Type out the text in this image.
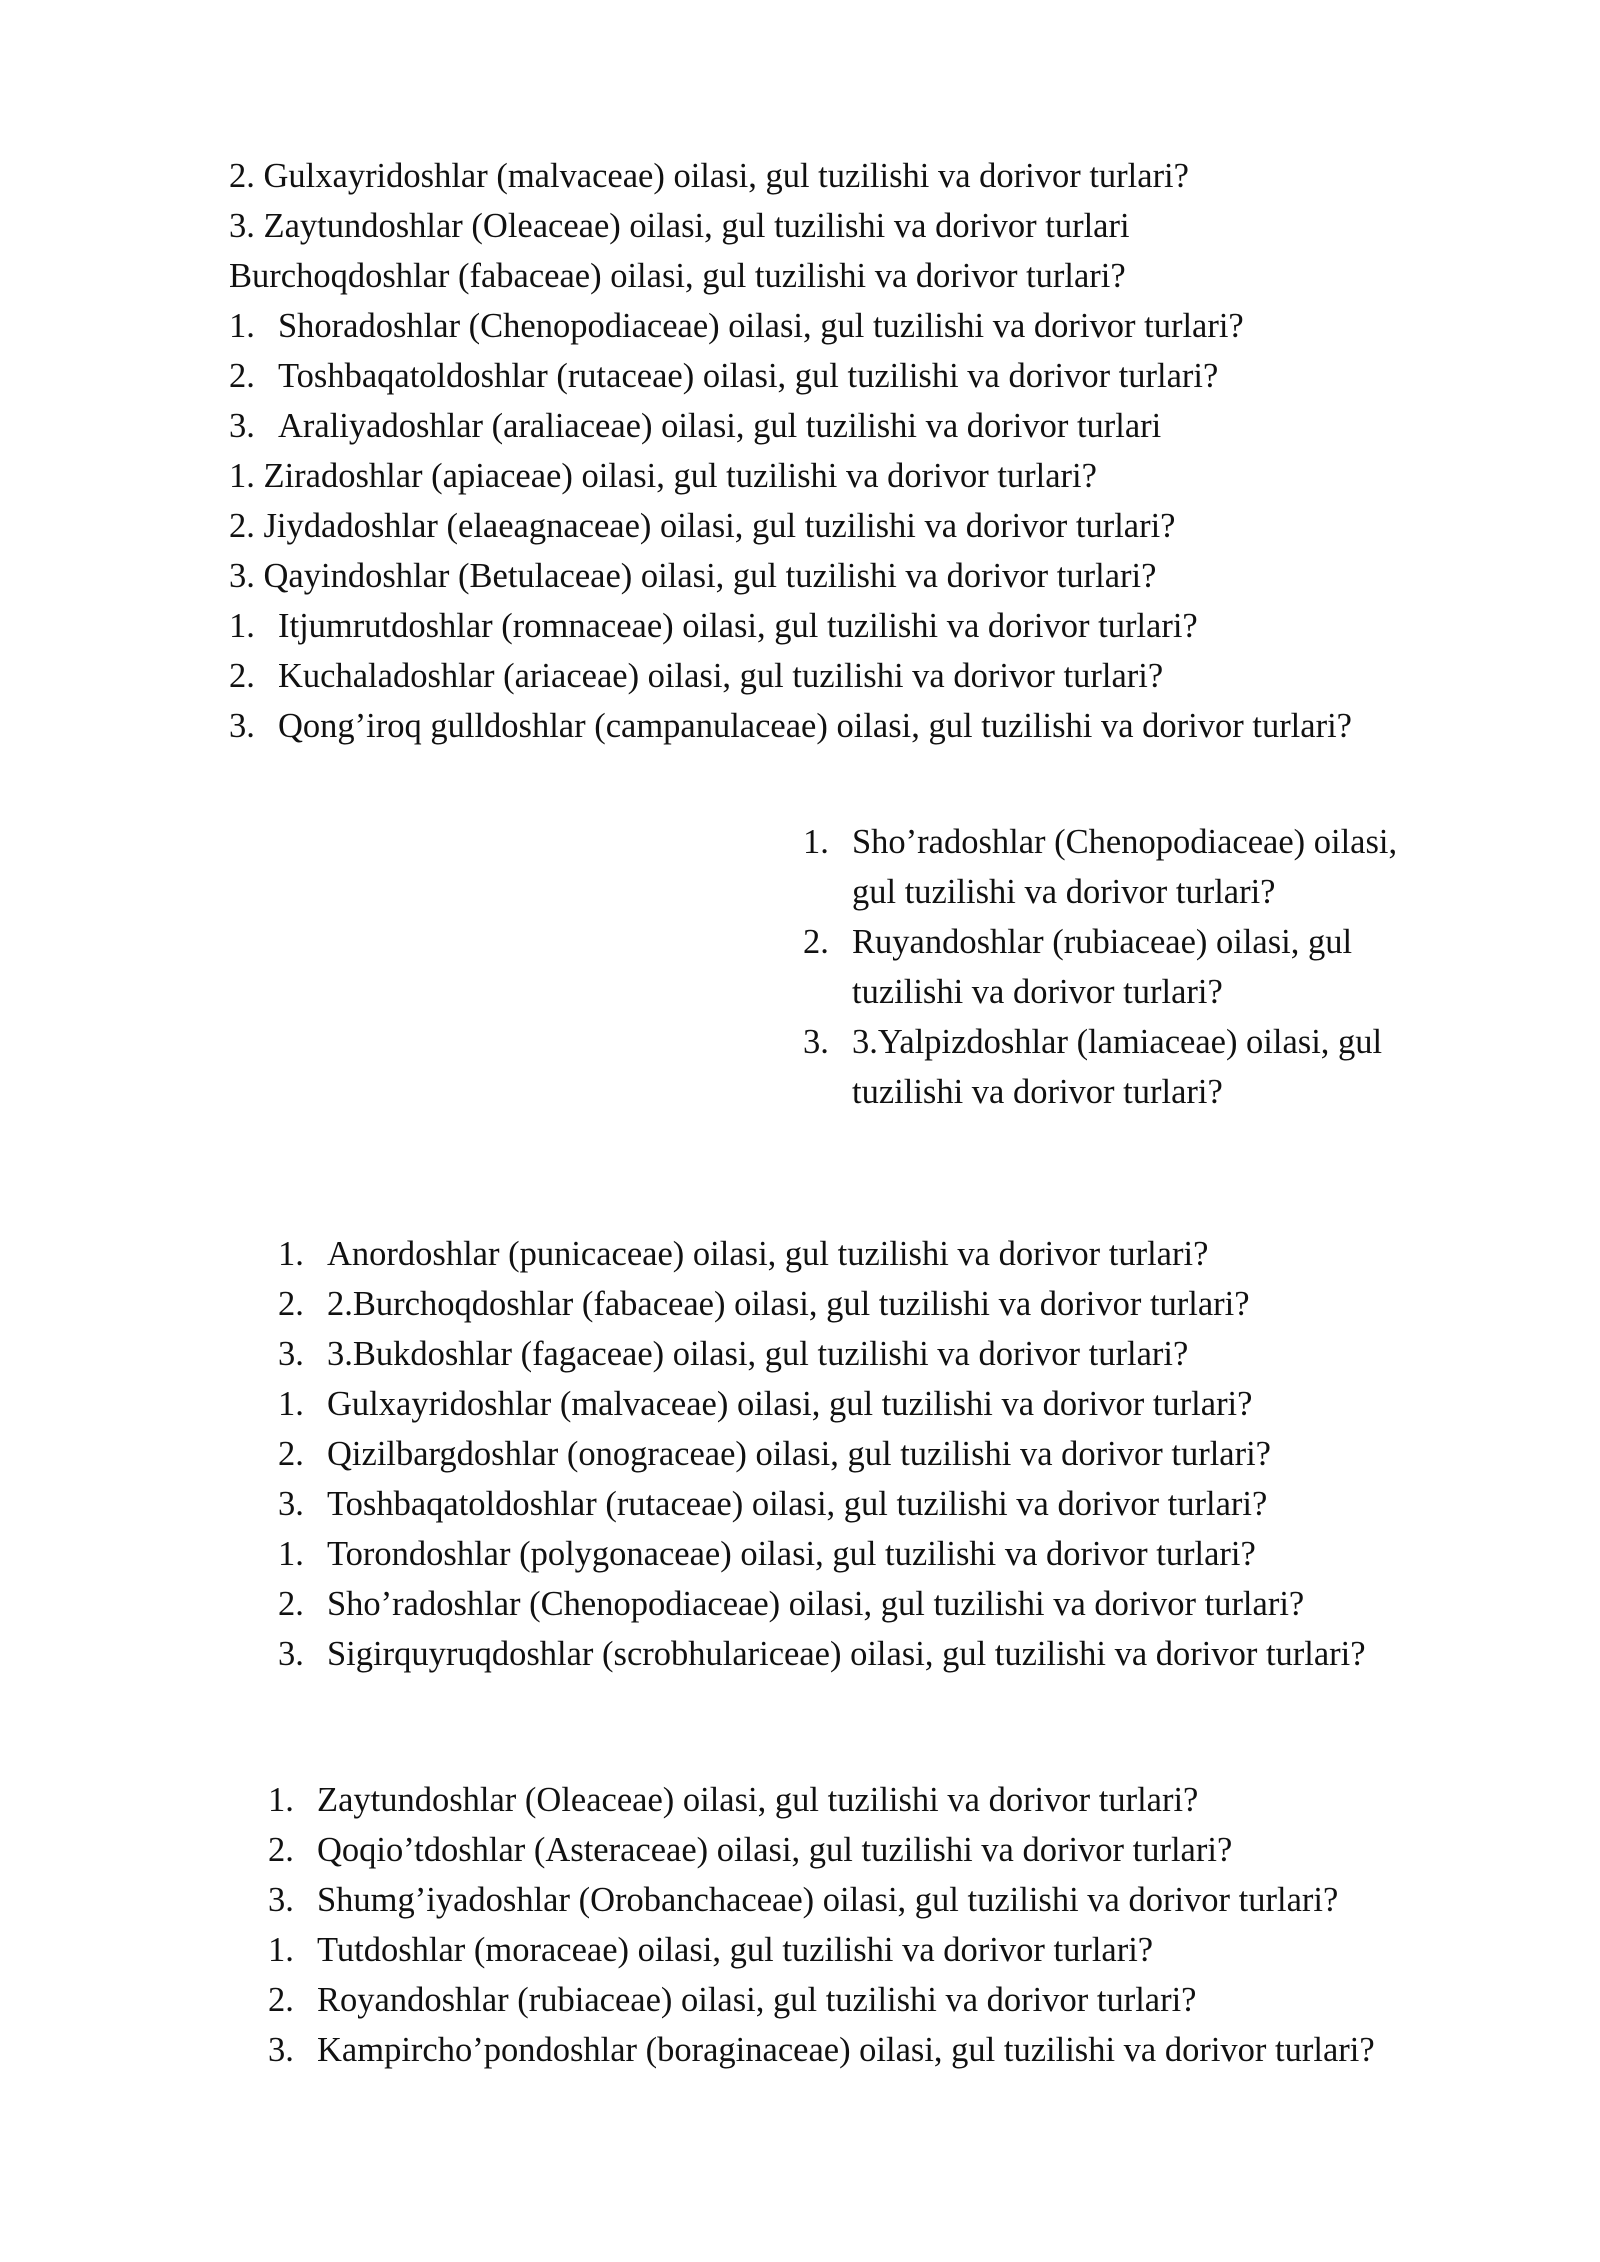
2. Gulxayridoshlar (malvaceae) oilasi, gul tuzilishi va dorivor turlari?
3. Zaytundoshlar (Oleaceae) oilasi, gul tuzilishi va dorivor turlari
Burchoqdoshlar (fabaceae) oilasi, gul tuzilishi va dorivor turlari?
1. Shoradoshlar (Chenopodiaceae) oilasi, gul tuzilishi va dorivor turlari?
2. Toshbaqatoldoshlar (rutaceae) oilasi, gul tuzilishi va dorivor turlari?
3. Araliyadoshlar (araliaceae) oilasi, gul tuzilishi va dorivor turlari
1. Ziradoshlar (apiaceae) oilasi, gul tuzilishi va dorivor turlari?
2. Jiydadoshlar (elaeagnaceae) oilasi, gul tuzilishi va dorivor turlari?
3. Qayindoshlar (Betulaceae) oilasi, gul tuzilishi va dorivor turlari?
1. Itjumrutdoshlar (romnaceae) oilasi, gul tuzilishi va dorivor turlari?
2. Kuchaladoshlar (ariaceae) oilasi, gul tuzilishi va dorivor turlari?
3. Qong’iroq gulldoshlar (campanulaceae) oilasi, gul tuzilishi va dorivor turlari?
1. Sho’radoshlar (Chenopodiaceae) oilasi,
gul tuzilishi va dorivor turlari?
2. Ruyandoshlar (rubiaceae) oilasi, gul
tuzilishi va dorivor turlari?
3. 3.Yalpizdoshlar (lamiaceae) oilasi, gul
tuzilishi va dorivor turlari?
1. Anordoshlar (punicaceae) oilasi, gul tuzilishi va dorivor turlari?
2. 2.Burchoqdoshlar (fabaceae) oilasi, gul tuzilishi va dorivor turlari?
3. 3.Bukdoshlar (fagaceae) oilasi, gul tuzilishi va dorivor turlari?
1. Gulxayridoshlar (malvaceae) oilasi, gul tuzilishi va dorivor turlari?
2. Qizilbargdoshlar (onograceae) oilasi, gul tuzilishi va dorivor turlari?
3. Toshbaqatoldoshlar (rutaceae) oilasi, gul tuzilishi va dorivor turlari?
1. Torondoshlar (polygonaceae) oilasi, gul tuzilishi va dorivor turlari?
2. Sho’radoshlar (Chenopodiaceae) oilasi, gul tuzilishi va dorivor turlari?
3. Sigirquyruqdoshlar (scrobhulariceae) oilasi, gul tuzilishi va dorivor turlari?
1. Zaytundoshlar (Oleaceae) oilasi, gul tuzilishi va dorivor turlari?
2. Qoqio’tdoshlar (Asteraceae) oilasi, gul tuzilishi va dorivor turlari?
3. Shumg’iyadoshlar (Orobanchaceae) oilasi, gul tuzilishi va dorivor turlari?
1. Tutdoshlar (moraceae) oilasi, gul tuzilishi va dorivor turlari?
2. Royandoshlar (rubiaceae) oilasi, gul tuzilishi va dorivor turlari?
3. Kampircho’pondoshlar (boraginaceae) oilasi, gul tuzilishi va dorivor turlari?
